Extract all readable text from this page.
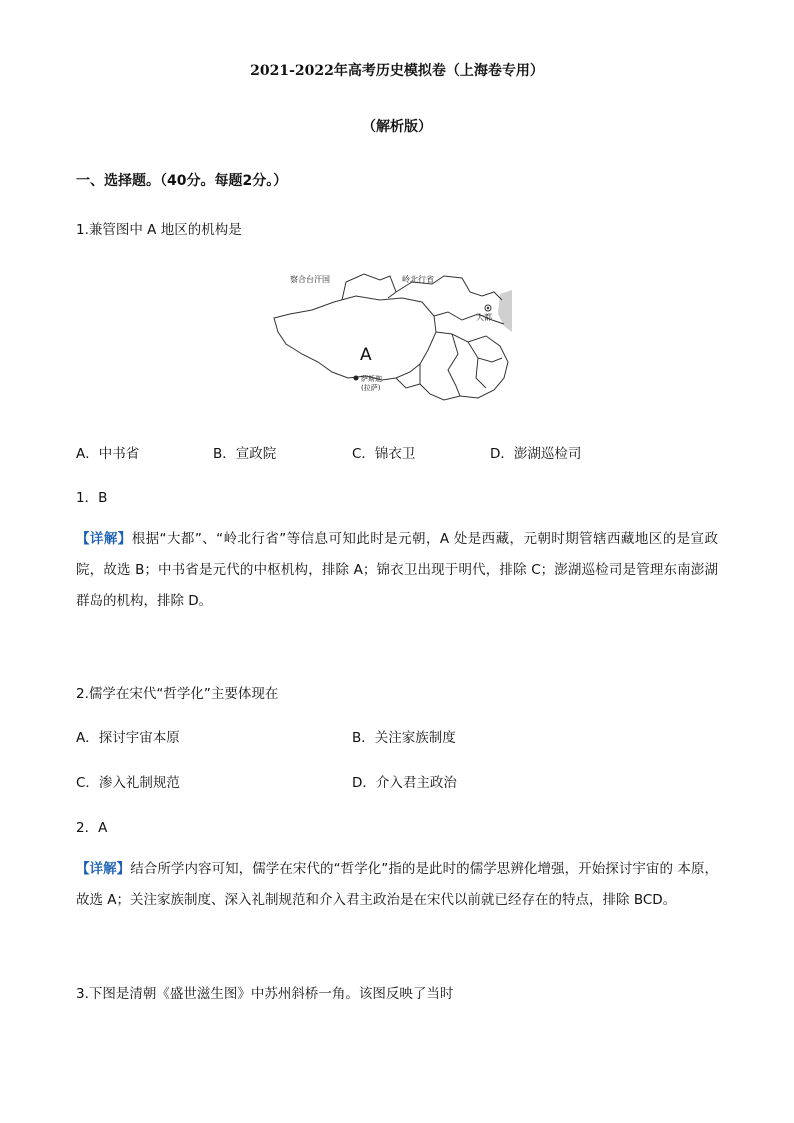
2021-2022年高考历史模拟卷（上海卷专用）
（解析版）
一、选择题。（40分。每题2分。）
1.兼管图中 A 地区的机构是
察合台汗国	岭北行省
大都
A
萨斯迦
(拉萨)
A．中书省	B．宣政院	C．锦衣卫	D．澎湖巡检司
1．B
【详解】根据“大都”、“岭北行省”等信息可知此时是元朝，A 处是西藏，元朝时期管辖西藏地区的是宣政院，故选 B；中书省是元代的中枢机构，排除 A；锦衣卫出现于明代，排除 C；澎湖巡检司是管理东南澎湖群岛的机构，排除 D。
2.儒学在宋代“哲学化”主要体现在
A．探讨宇宙本原	B．关注家族制度
C．渗入礼制规范	D．介入君主政治
2．A
【详解】结合所学内容可知，儒学在宋代的“哲学化”指的是此时的儒学思辨化增强，开始探讨宇宙的 本原，故选 A；关注家族制度、深入礼制规范和介入君主政治是在宋代以前就已经存在的特点，排除 BCD。
3.下图是清朝《盛世滋生图》中苏州斜桥一角。该图反映了当时
